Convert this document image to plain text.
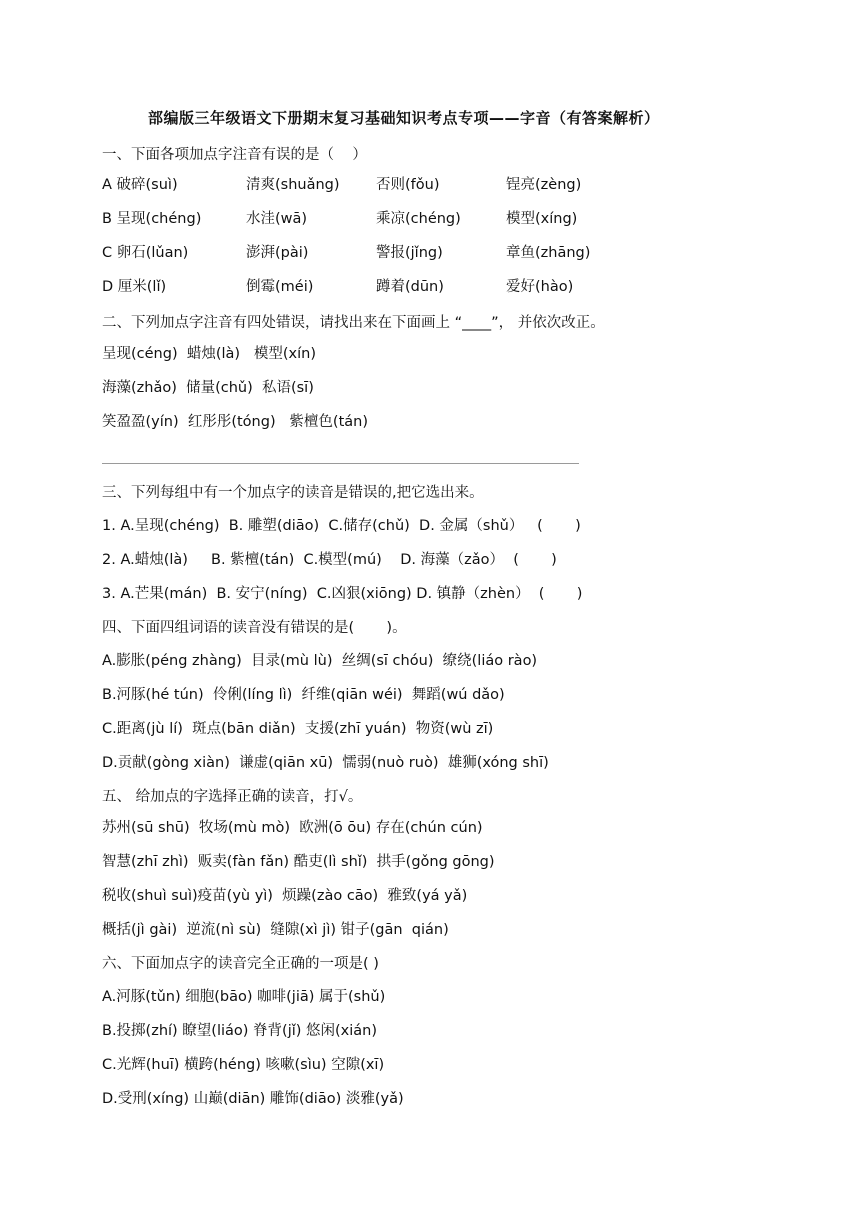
部编版三年级语文下册期末复习基础知识考点专项——字音（有答案解析）
一、下面各项加点字注音有误的是（    ）
A 破碎(suì)	清爽(shuǎng)	否则(fǒu)	锃亮(zèng)
B 呈现(chéng)	水洼(wā)	乘凉(chéng)	模型(xíng)
C 卵石(lǔan)	澎湃(pài)	警报(jǐng)	章鱼(zhāng)
D 厘米(lǐ)	倒霉(méi)	蹲着(dūn)	爱好(hào)
二、下列加点字注音有四处错误，请找出来在下面画上 “____”， 并依次改正。
呈现(céng)  蜡烛(là)   模型(xín)
海藻(zhǎo)  储量(chǔ)  私语(sī)
笑盈盈(yín)  红彤彤(tóng)   紫檀色(tán)
三、下列每组中有一个加点字的读音是错误的,把它选出来。
1. A.呈现(chéng)  B. 雕塑(diāo)  C.储存(chǔ)  D. 金属（shǔ）   (       )
2. A.蜡烛(là)     B. 紫檀(tán)  C.模型(mú)    D. 海藻（zǎo）  (       )
3. A.芒果(mán)  B. 安宁(níng)  C.凶狠(xiōng) D. 镇静（zhèn）  (       )
四、下面四组词语的读音没有错误的是(       )。
A.膨胀(péng zhàng)  目录(mù lù)  丝绸(sī chóu)  缭绕(liáo rào)
B.河豚(hé tún)  伶俐(líng lì)  纤维(qiān wéi)  舞蹈(wú dǎo)
C.距离(jù lí)  斑点(bān diǎn)  支援(zhī yuán)  物资(wù zī)
D.贡献(gòng xiàn)  谦虚(qiān xū)  懦弱(nuò ruò)  雄狮(xóng shī)
五、 给加点的字选择正确的读音，打√。
苏州(sū shū)  牧场(mù mò)  欧洲(ō ōu) 存在(chún cún)
智慧(zhī zhì)  贩卖(fàn fǎn) 酷吏(lì shǐ)  拱手(gǒng gōng)
税收(shuì suì)疫苗(yù yì)  烦躁(zào cāo)  雅致(yá yǎ)
概括(jì gài)  逆流(nì sù)  缝隙(xì jì) 钳子(gān  qián)
六、下面加点字的读音完全正确的一项是( )
A.河豚(tǔn) 细胞(bāo) 咖啡(jiā) 属于(shǔ)
B.投掷(zhí) 瞭望(liáo) 脊背(jǐ) 悠闲(xián)
C.光辉(huī) 横跨(héng) 咳嗽(sìu) 空隙(xī)
D.受刑(xíng) 山巅(diān) 雕饰(diāo) 淡雅(yǎ)
